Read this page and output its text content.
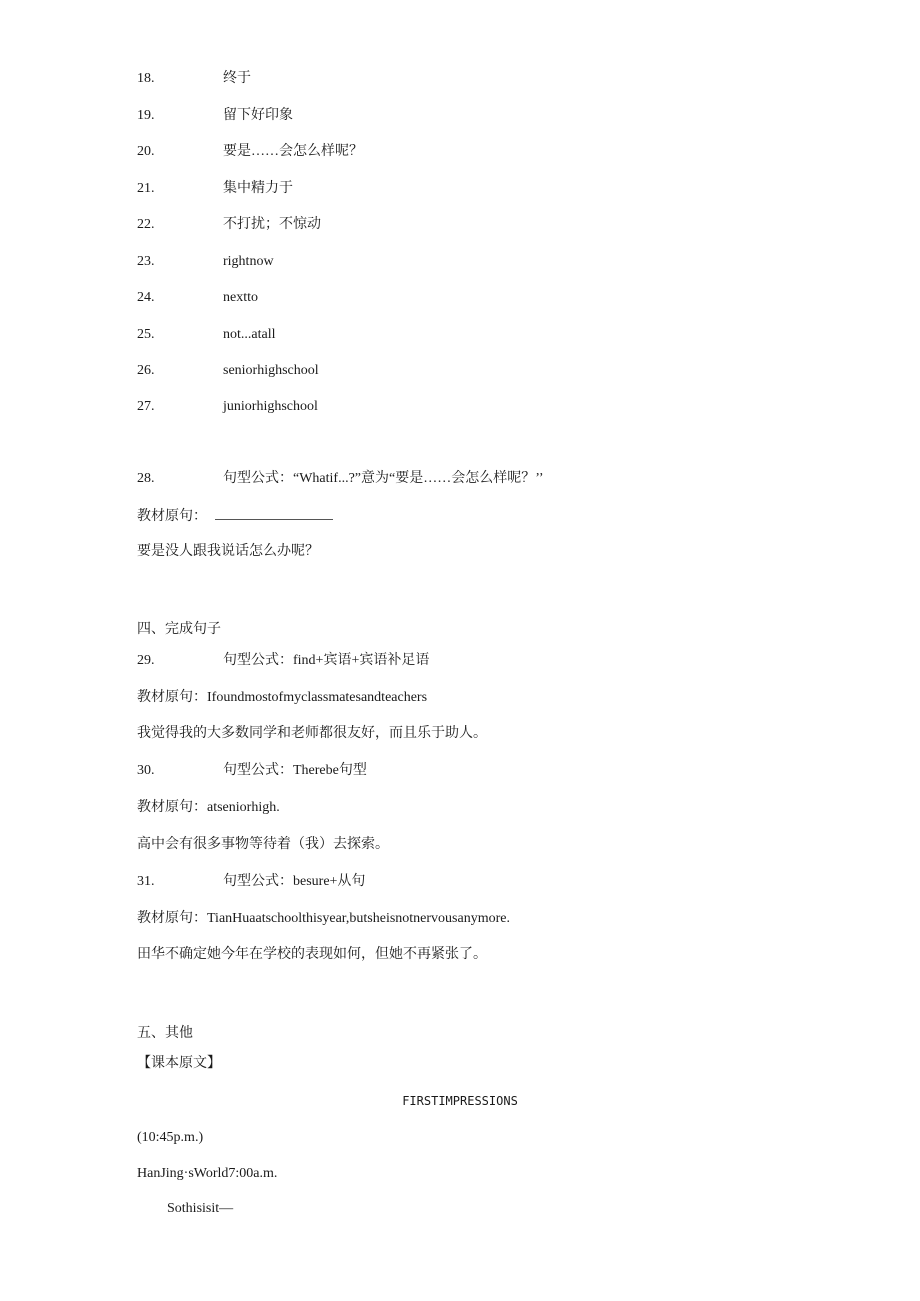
18.	终于
19.	留下好印象
20.	要是……会怎么样呢？
21.	集中精力于
22.	不打扰；不惊动
23.	rightnow
24.	nextto
25.	not...atall
26.	seniorhighschool
27.	juniorhighschool
28.	句型公式：“Whatif...?”意为“要是……会怎么样呢？’’
教材原句：
要是没人跟我说话怎么办呢？
四、完成句子
29.	句型公式：find+宾语+宾语补足语
教材原句：Ifoundmostofmyclassmatesandteachers
我觉得我的大多数同学和老师都很友好，而且乐于助人。
30.	句型公式：Therebe句型
教材原句：atseniorhigh.
高中会有很多事物等待着（我）去探索。
31.	句型公式：besure+从句
教材原句：TianHuaatschoolthisyear,butsheisnotnervousanymore.
田华不确定她今年在学校的表现如何，但她不再紧张了。
五、其他
【课本原文】
FIRSTIMPRESSIONS
(10:45p.m.)
HanJing·sWorld7:00a.m.
Sothisisit—
